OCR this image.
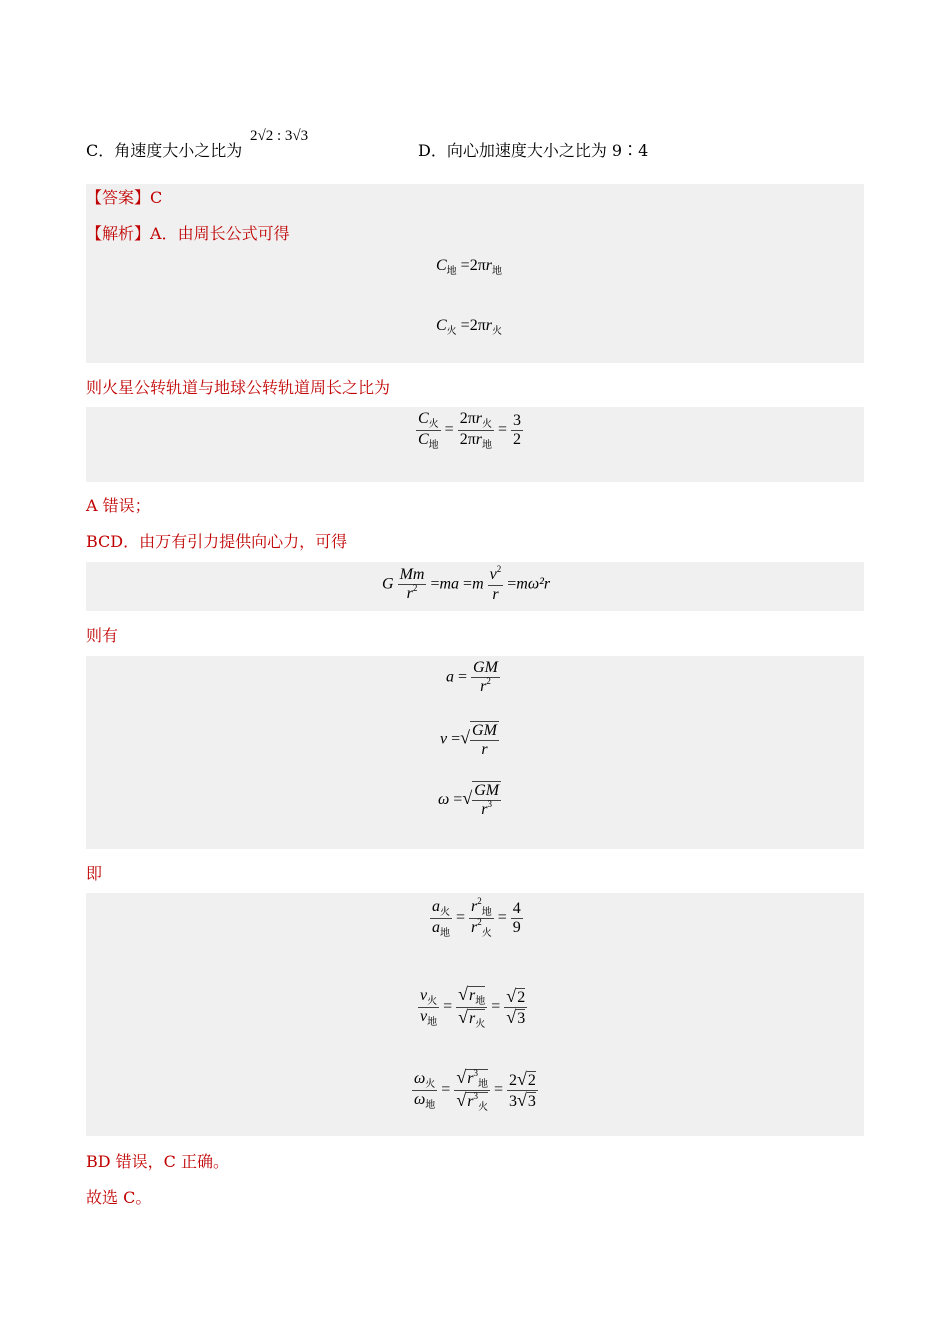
C．角速度大小之比为
2√2 : 3√3
D．向心加速度大小之比为 9∶4
【答案】C
【解析】A．由周长公式可得
$C_地 =2\pi r_地$
$C_火 =2\pi r_火$
则火星公转轨道与地球公转轨道周长之比为
$\frac{C_火}{C_地} = \frac{2\pi r_火}{2\pi r_地} = \frac{3}{2}$
A 错误；
BCD．由万有引力提供向心力，可得
G $\frac{Mm}{r^2} =ma =m \frac{v^2}{r} =m\omega^2r$
则有
$a = \frac{GM}{r^2}$
v =√ $\frac{GM}{r}$
ω =√ $\frac{GM}{r^3}$
即
$\frac{a_火}{a_地} = \frac{r^2_地}{r^2_火} = \frac{4}{9}$
$\frac{v_火}{v_地} = \frac{√r_地}{√r_火} = \frac{√2}{√3}$
$\frac{\omega_火}{\omega_地} = \frac{√r^3_地}{√r^3_火} = \frac{2√2}{3√3}$
BD 错误，C 正确。
故选 C。
